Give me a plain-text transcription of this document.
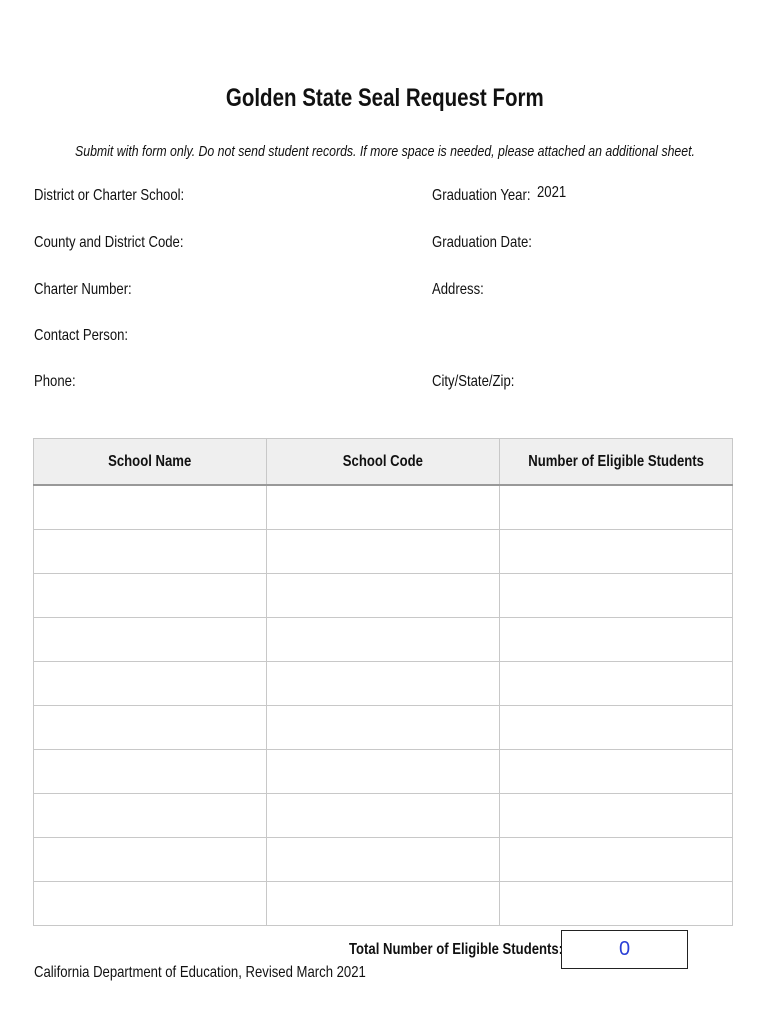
Golden State Seal Request Form
Submit with form only. Do not send student records. If more space is needed, please attached an additional sheet.
District or Charter School:	Graduation Year: 2021
County and District Code:	Graduation Date:
Charter Number:	Address:
Contact Person:
Phone:	City/State/Zip:
School Name	School Code	Number of Eligible Students

Total Number of Eligible Students:	0
California Department of Education, Revised March 2021
